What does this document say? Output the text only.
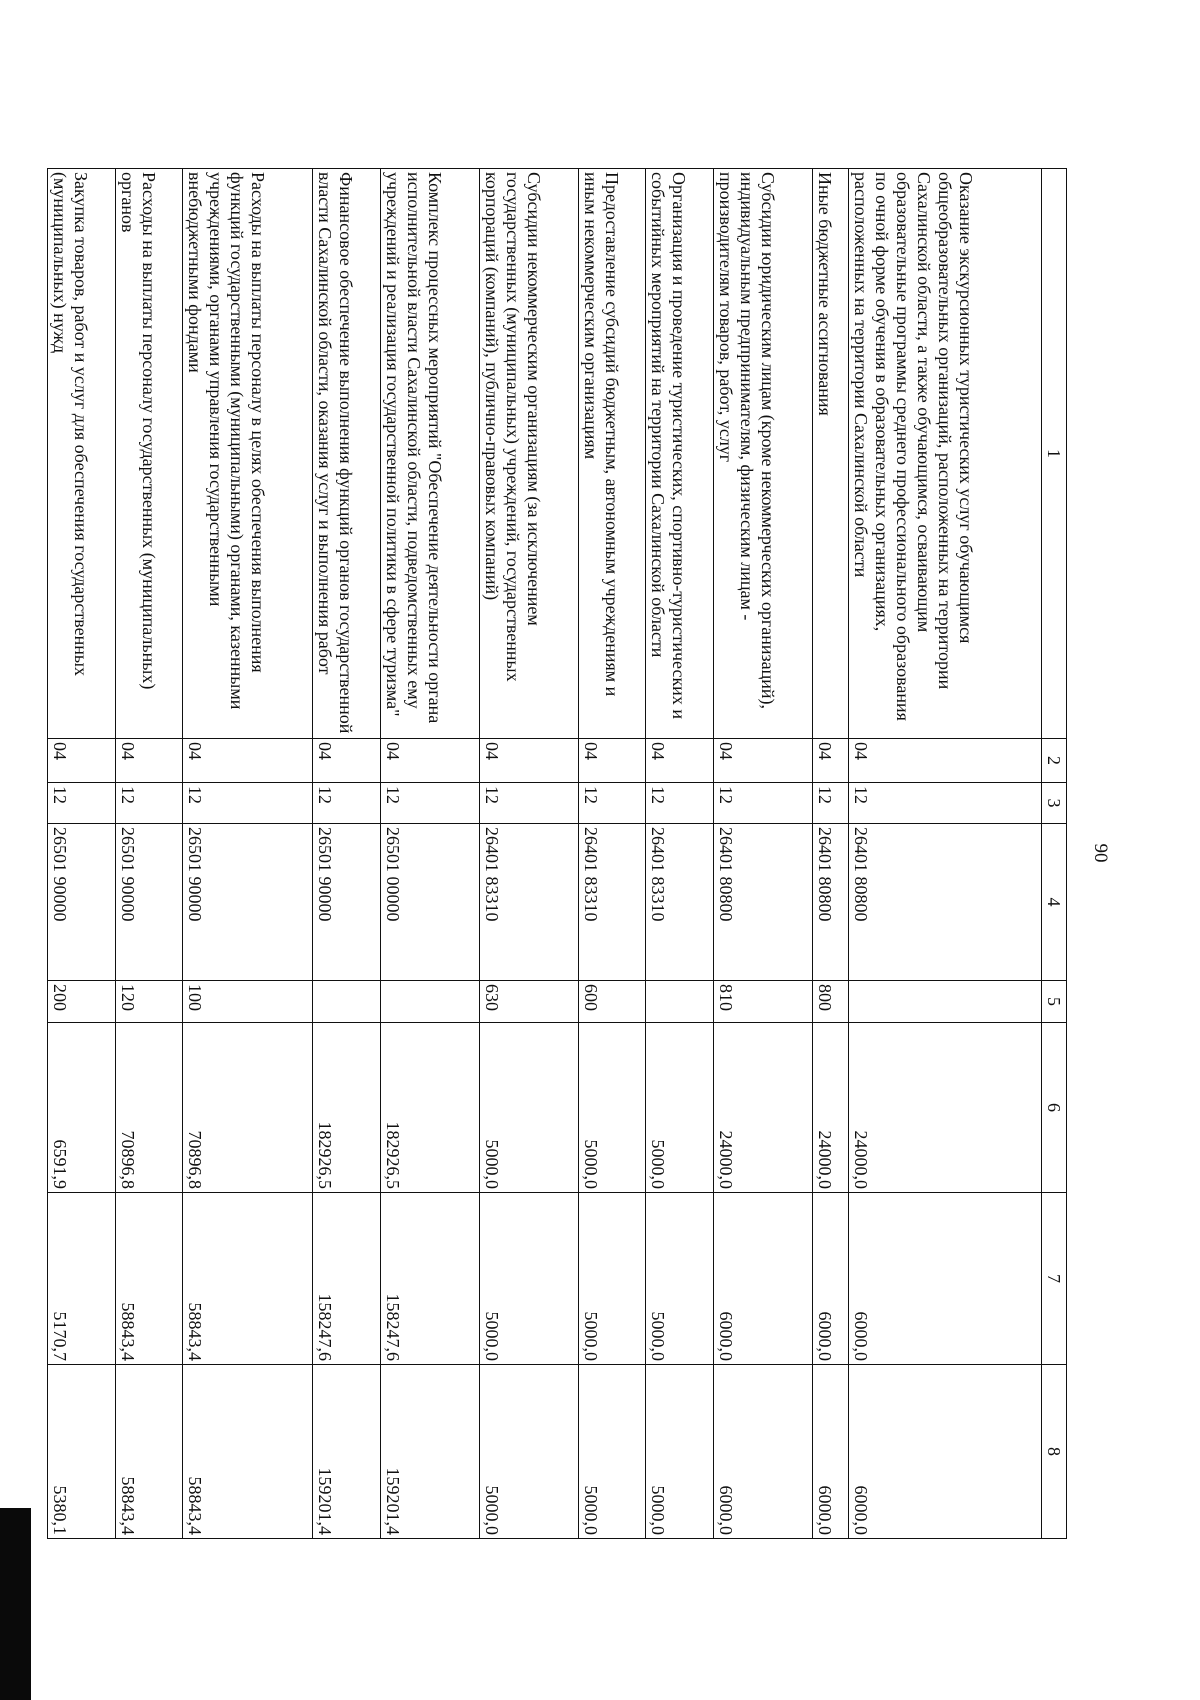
90
1	2	3	4	5	6	7	8
Оказание экскурсионных туристических услуг обучающимся общеобразовательных организаций, расположенных на территории Сахалинской области, а также обучающимся, осваивающим образовательные программы среднего профессионального образования по очной форме обучения в образовательных организациях, расположенных на территории Сахалинской области	04	12	26401 80800		24000,0	6000,0	6000,0
Иные бюджетные ассигнования	04	12	26401 80800	800	24000,0	6000,0	6000,0
Субсидии юридическим лицам (кроме некоммерческих организаций), индивидуальным предпринимателям, физическим лицам - производителям товаров, работ, услуг	04	12	26401 80800	810	24000,0	6000,0	6000,0
Организация и проведение туристических, спортивно-туристических и событийных мероприятий на территории Сахалинской области	04	12	26401 83310		5000,0	5000,0	5000,0
Предоставление субсидий бюджетным, автономным учреждениям и иным некоммерческим организациям	04	12	26401 83310	600	5000,0	5000,0	5000,0
Субсидии некоммерческим организациям (за исключением государственных (муниципальных) учреждений, государственных корпораций (компаний), публично-правовых компаний)	04	12	26401 83310	630	5000,0	5000,0	5000,0
Комплекс процессных мероприятий "Обеспечение деятельности органа исполнительной власти Сахалинской области, подведомственных ему учреждений и реализация государственной политики в сфере туризма"	04	12	26501 00000		182926,5	158247,6	159201,4
Финансовое обеспечение выполнения функций органов государственной власти Сахалинской области, оказания услуг и выполнения работ	04	12	26501 90000		182926,5	158247,6	159201,4
Расходы на выплаты персоналу в целях обеспечения выполнения функций государственными (муниципальными) органами, казенными учреждениями, органами управления государственными внебюджетными фондами	04	12	26501 90000	100	70896,8	58843,4	58843,4
Расходы на выплаты персоналу государственных (муниципальных) органов	04	12	26501 90000	120	70896,8	58843,4	58843,4
Закупка товаров, работ и услуг для обеспечения государственных (муниципальных) нужд	04	12	26501 90000	200	6591,9	5170,7	5380,1
